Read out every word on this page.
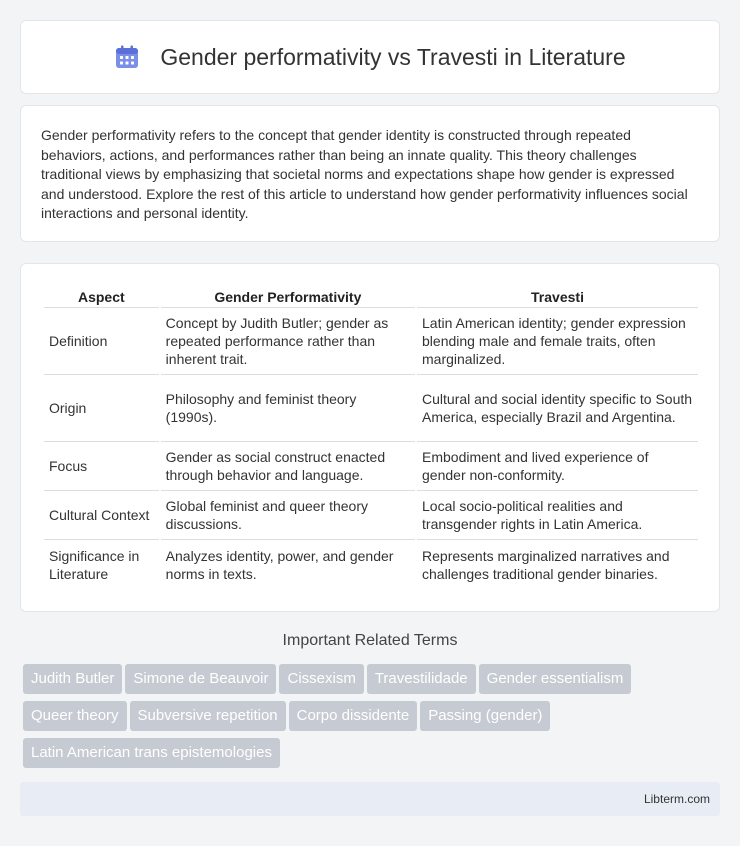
Gender performativity vs Travesti in Literature

Gender performativity refers to the concept that gender identity is constructed through repeated behaviors, actions, and performances rather than being an innate quality. This theory challenges traditional views by emphasizing that societal norms and expectations shape how gender is expressed and understood. Explore the rest of this article to understand how gender performativity influences social interactions and personal identity.

Aspect	Gender Performativity	Travesti
Definition	Concept by Judith Butler; gender as repeated performance rather than inherent trait.	Latin American identity; gender expression blending male and female traits, often marginalized.
Origin	Philosophy and feminist theory (1990s).	Cultural and social identity specific to South America, especially Brazil and Argentina.
Focus	Gender as social construct enacted through behavior and language.	Embodiment and lived experience of gender non-conformity.
Cultural Context	Global feminist and queer theory discussions.	Local socio-political realities and transgender rights in Latin America.
Significance in Literature	Analyzes identity, power, and gender norms in texts.	Represents marginalized narratives and challenges traditional gender binaries.
Important Related Terms
Judith Butler Simone de Beauvoir Cissexism Travestilidade Gender essentialism
Queer theory Subversive repetition Corpo dissidente Passing (gender)
Latin American trans epistemologies
Libterm.com
